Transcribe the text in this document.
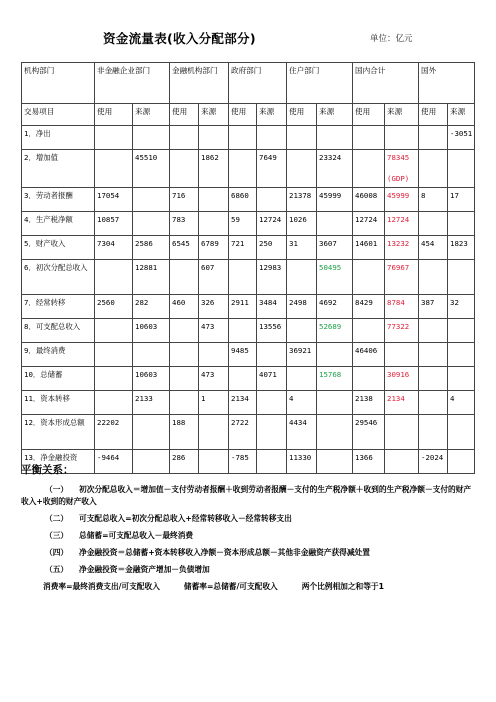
资金流量表(收入分配部分)	单位：亿元
机构部门	非金融企业部门		金融机构部门		政府部门		住户部门		国内合计		国外	
交易项目	使用	来源	使用	来源	使用	来源	使用	来源	使用	来源	使用	来源
1．净出												-3051
2．增加值		45510		1862		7649		23324		78345
(GDP)		

3．劳动者报酬	17054		716		6860		21378	45999	46008	45999	8	17
4．生产税净额	10857		783		59	12724	1026		12724	12724		
5．财产收入	7304	2586	6545	6789	721	250	31	3607	14601	13232	454	1823
6．初次分配总收入		12881		607		12983		50495		76967		
7．经常转移	2560	282	460	326	2911	3484	2498	4692	8429	8784	387	32
8．可支配总收入		10603		473		13556		52689		77322		
9．最终消费					9485		36921		46406			
10．总储蓄		10603		473		4071		15768		30916		
11．资本转移		2133		1	2134		4		2138	2134		4
12．资本形成总额	22202		188		2722		4434		29546			
13．净金融投资	-9464		286		-785		11330		1366		-2024	
平衡关系：
（一） 初次分配总收入＝增加值－支付劳动者报酬＋收到劳动者报酬－支付的生产税净额＋收到的生产税净额－支付的财产收入+收到的财产收入
（二） 可支配总收入=初次分配总收入+经常转移收入－经常转移支出
（三） 总储蓄=可支配总收入－最终消费
（四） 净金融投资＝总储蓄+资本转移收入净额－资本形成总额－其他非金融资产获得减处置
（五） 净金融投资＝金融资产增加－负债增加
消费率=最终消费支出/可支配收入	储蓄率=总储蓄/可支配收入	两个比例相加之和等于1
